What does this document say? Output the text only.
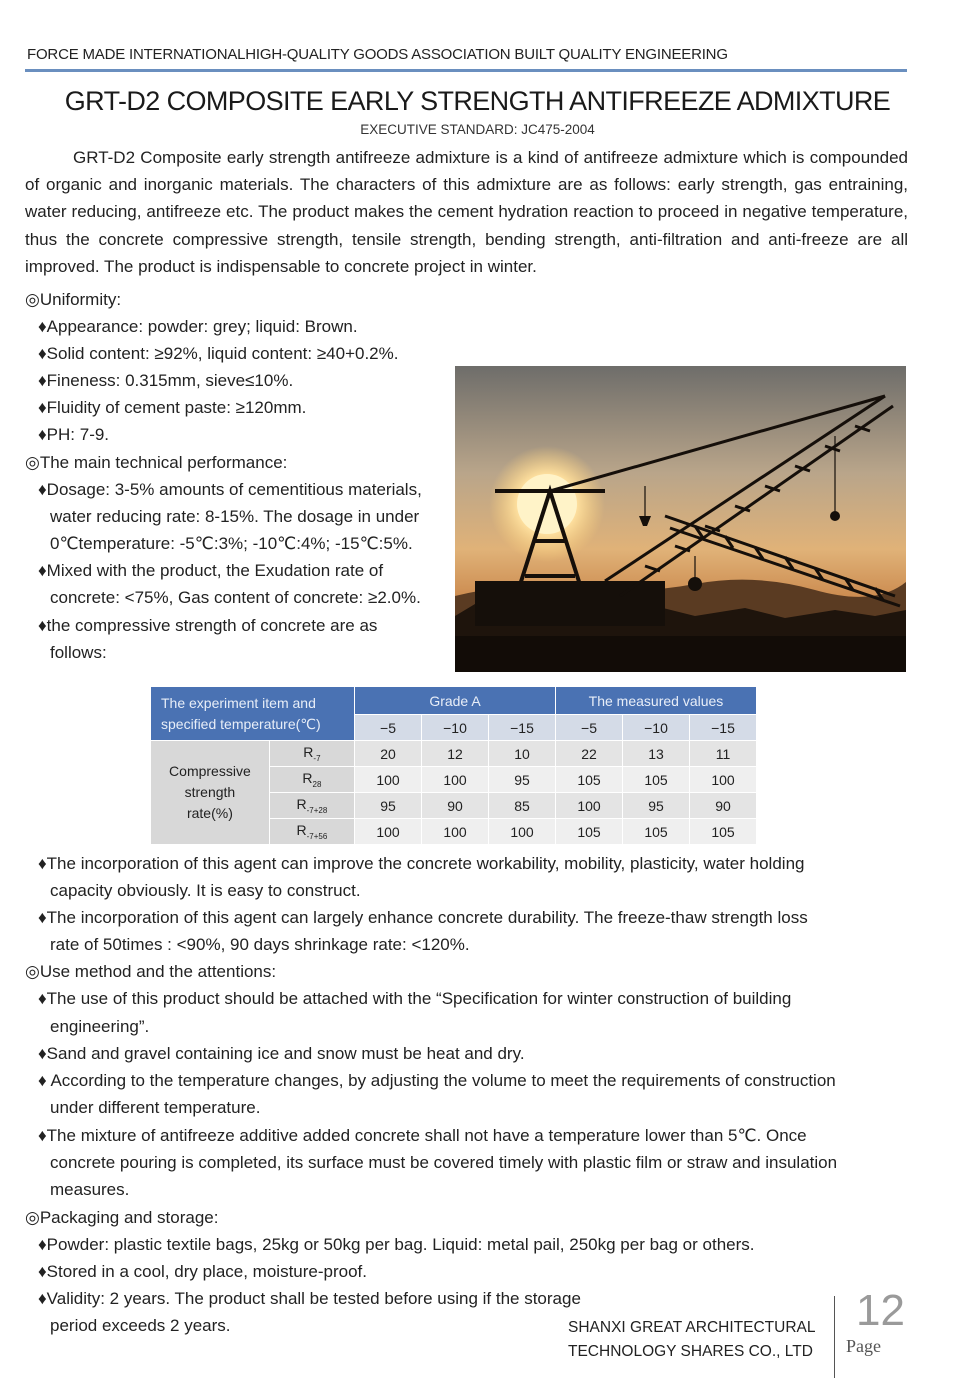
FORCE MADE INTERNATIONALHIGH-QUALITY GOODS ASSOCIATION BUILT QUALITY ENGINEERING
GRT-D2 COMPOSITE EARLY STRENGTH ANTIFREEZE ADMIXTURE
EXECUTIVE STANDARD: JC475-2004
GRT-D2 Composite early strength antifreeze admixture is a kind of antifreeze admixture which is compounded of organic and inorganic materials. The characters of this admixture are as follows: early strength, gas entraining, water reducing, antifreeze etc. The product makes the cement hydration reaction to proceed in negative temperature, thus the concrete compressive strength, tensile strength, bending strength, anti-filtration and anti-freeze are all improved. The product is indispensable to concrete project in winter.
◎Uniformity:
♦Appearance: powder: grey; liquid: Brown.
♦Solid content: ≥92%, liquid content: ≥40+0.2%.
♦Fineness: 0.315mm, sieve≤10%.
♦Fluidity of cement paste: ≥120mm.
♦PH: 7-9.
◎The main technical performance:
♦Dosage: 3-5% amounts of cementitious materials,
water reducing rate: 8-15%. The dosage in under
0℃temperature: -5℃:3%; -10℃:4%; -15℃:5%.
♦Mixed with the product, the Exudation rate of
concrete: <75%, Gas content of concrete: ≥2.0%.
♦the compressive strength of concrete are as
follows:
The experiment item and
specified temperature(℃)		Grade A			The measured values		
		−5	−10	−15	−5	−10	−15

Compressive
strength
rate(%)	$R_{-7}$	20	12	10	22	13	11
	$R_{28}$	100	100	95	105	105	100
	$R_{-7+28}$	95	90	85	100	95	90
	$R_{-7+56}$	100	100	100	105	105	105
♦The incorporation of this agent can improve the concrete workability, mobility, plasticity, water holding
capacity obviously. It is easy to construct.
♦The incorporation of this agent can largely enhance concrete durability. The freeze-thaw strength loss
rate of 50times : <90%, 90 days shrinkage rate: <120%.
◎Use method and the attentions:
♦The use of this product should be attached with the “Specification for winter construction of building
engineering”.
♦Sand and gravel containing ice and snow must be heat and dry.
♦ According to the temperature changes, by adjusting the volume to meet the requirements of construction
under different temperature.
♦The mixture of antifreeze additive added concrete shall not have a temperature lower than 5℃. Once
concrete pouring is completed, its surface must be covered timely with plastic film or straw and insulation
measures.
◎Packaging and storage:
♦Powder: plastic textile bags, 25kg or 50kg per bag. Liquid: metal pail, 250kg per bag or others.
♦Stored in a cool, dry place, moisture-proof.
♦Validity: 2 years. The product shall be tested before using if the storage
period exceeds 2 years.	SHANXI GREAT ARCHITECTURAL
TECHNOLOGY SHARES CO., LTD
12
Page
